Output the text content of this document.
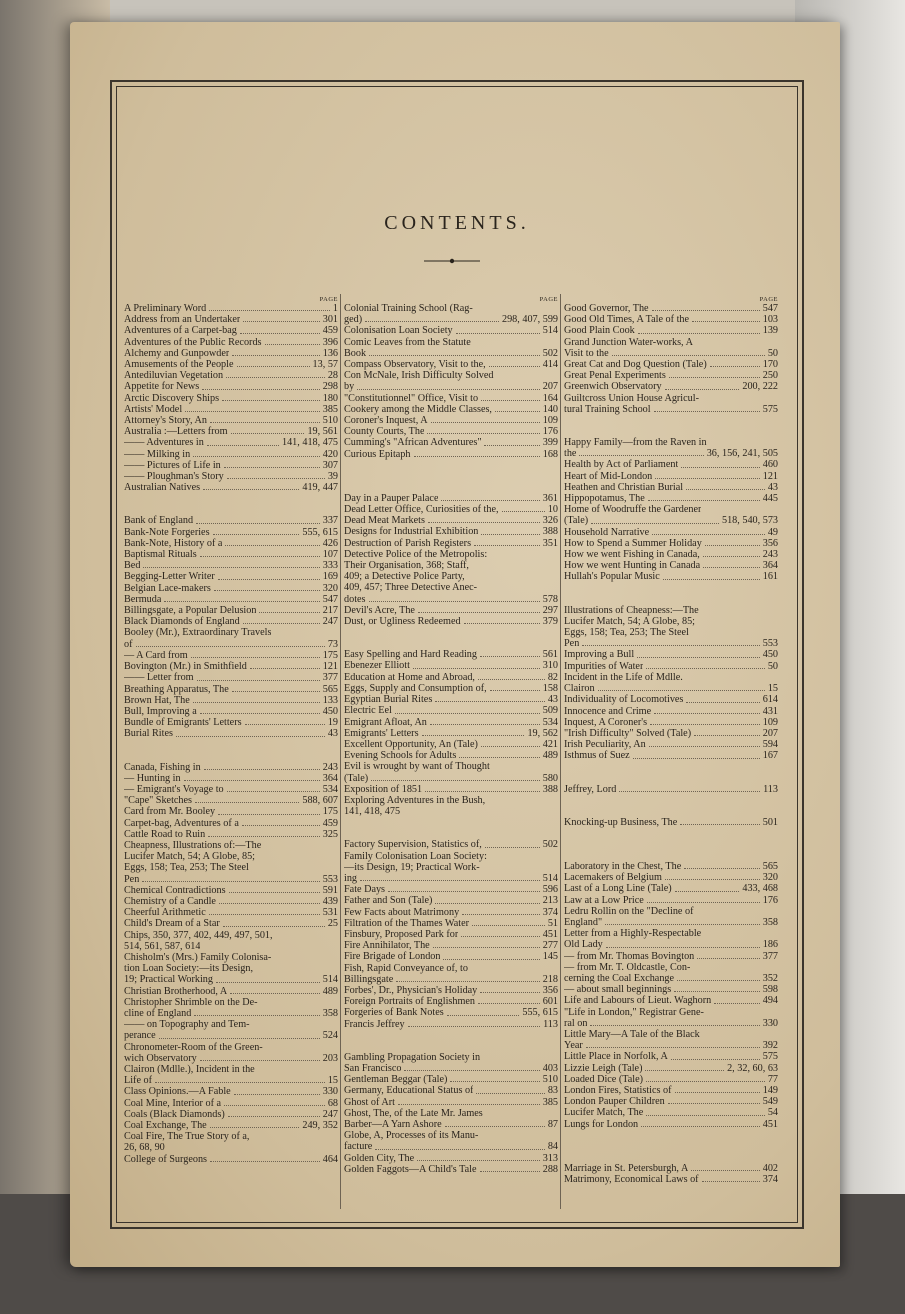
CONTENTS.
PAGE
A Preliminary Word	1
Address from an Undertaker	301
Adventures of a Carpet-bag	459
Adventures of the Public Records	396
Alchemy and Gunpowder	136
Amusements of the People	13, 57
Antediluvian Vegetation	28
Appetite for News	298
Arctic Discovery Ships	180
Artists' Model	385
Attorney's Story, An	510
Australia :—Letters from	19, 561
—— Adventures in	141, 418, 475
—— Milking in	420
—— Pictures of Life in	307
—— Ploughman's Story	39
Australian Natives	419, 447
Bank of England	337
Bank-Note Forgeries	555, 615
Bank-Note, History of a	426
Baptismal Rituals	107
Bed	333
Begging-Letter Writer	169
Belgian Lace-makers	320
Bermuda	547
Billingsgate, a Popular Delusion	217
Black Diamonds of England	247
Booley (Mr.), Extraordinary Travels
of	73
— A Card from	175
Bovington (Mr.) in Smithfield	121
—— Letter from	377
Breathing Apparatus, The	565
Brown Hat, The	133
Bull, Improving a	450
Bundle of Emigrants' Letters	19
Burial Rites	43
Canada, Fishing in	243
— Hunting in	364
— Emigrant's Voyage to	534
"Cape" Sketches	588, 607
Card from Mr. Booley	175
Carpet-bag, Adventures of a	459
Cattle Road to Ruin	325
Cheapness, Illustrations of:—The
Lucifer Match, 54; A Globe, 85;
Eggs, 158; Tea, 253; The Steel
Pen	553
Chemical Contradictions	591
Chemistry of a Candle	439
Cheerful Arithmetic	531
Child's Dream of a Star	25
Chips, 350, 377, 402, 449, 497, 501,
514, 561, 587, 614
Chisholm's (Mrs.) Family Colonisa-
tion Loan Society:—its Design,
19; Practical Working	514
Christian Brotherhood, A	489
Christopher Shrimble on the De-
cline of England	358
—— on Topography and Tem-
perance	524
Chronometer-Room of the Green-
wich Observatory	203
Clairon (Mdlle.), Incident in the
Life of	15
Class Opinions.—A Fable	330
Coal Mine, Interior of a	68
Coals (Black Diamonds)	247
Coal Exchange, The	249, 352
Coal Fire, The True Story of a,
26, 68, 90
College of Surgeons	464
PAGE
Colonial Training School (Rag-
ged)	298, 407, 599
Colonisation Loan Society	514
Comic Leaves from the Statute
Book	502
Compass Observatory, Visit to the,	414
Con McNale, Irish Difficulty Solved
by	207
"Constitutionnel" Office, Visit to	164
Cookery among the Middle Classes,	140
Coroner's Inquest, A	109
County Courts, The	176
Cumming's "African Adventures"	399
Curious Epitaph	168
Day in a Pauper Palace	361
Dead Letter Office, Curiosities of the,	10
Dead Meat Markets	326
Designs for Industrial Exhibition	388
Destruction of Parish Registers	351
Detective Police of the Metropolis:
Their Organisation, 368; Staff,
409; a Detective Police Party,
409, 457; Three Detective Anec-
dotes	578
Devil's Acre, The	297
Dust, or Ugliness Redeemed	379
Easy Spelling and Hard Reading	561
Ebenezer Elliott	310
Education at Home and Abroad,	82
Eggs, Supply and Consumption of,	158
Egyptian Burial Rites	43
Electric Eel	509
Emigrant Afloat, An	534
Emigrants' Letters	19, 562
Excellent Opportunity, An (Tale)	421
Evening Schools for Adults	489
Evil is wrought by want of Thought
(Tale)	580
Exposition of 1851	388
Exploring Adventures in the Bush,
141, 418, 475
Factory Supervision, Statistics of,	502
Family Colonisation Loan Society:
—its Design, 19; Practical Work-
ing	514
Fate Days	596
Father and Son (Tale)	213
Few Facts about Matrimony	374
Filtration of the Thames Water	51
Finsbury, Proposed Park for	451
Fire Annihilator, The	277
Fire Brigade of London	145
Fish, Rapid Conveyance of, to
Billingsgate	218
Forbes', Dr., Physician's Holiday	356
Foreign Portraits of Englishmen	601
Forgeries of Bank Notes	555, 615
Francis Jeffrey	113
Gambling Propagation Society in
San Francisco	403
Gentleman Beggar (Tale)	510
Germany, Educational Status of	83
Ghost of Art	385
Ghost, The, of the Late Mr. James
Barber—A Yarn Ashore	87
Globe, A, Processes of its Manu-
facture	84
Golden City, The	313
Golden Faggots—A Child's Tale	288
PAGE
Good Governor, The	547
Good Old Times, A Tale of the	103
Good Plain Cook	139
Grand Junction Water-works, A
Visit to the	50
Great Cat and Dog Question (Tale)	170
Great Penal Experiments	250
Greenwich Observatory	200, 222
Guiltcross Union House Agricul-
tural Training School	575
Happy Family—from the Raven in
the	36, 156, 241, 505
Health by Act of Parliament	460
Heart of Mid-London	121
Heathen and Christian Burial	43
Hippopotamus, The	445
Home of Woodruffe the Gardener
(Tale)	518, 540, 573
Household Narrative	49
How to Spend a Summer Holiday	356
How we went Fishing in Canada,	243
How we went Hunting in Canada	364
Hullah's Popular Music	161
Illustrations of Cheapness:—The
Lucifer Match, 54; A Globe, 85;
Eggs, 158; Tea, 253; The Steel
Pen	553
Improving a Bull	450
Impurities of Water	50
Incident in the Life of Mdlle.
Clairon	15
Individuality of Locomotives	614
Innocence and Crime	431
Inquest, A Coroner's	109
"Irish Difficulty" Solved (Tale)	207
Irish Peculiarity, An	594
Isthmus of Suez	167
Jeffrey, Lord	113
Knocking-up Business, The	501
Laboratory in the Chest, The	565
Lacemakers of Belgium	320
Last of a Long Line (Tale)	433, 468
Law at a Low Price	176
Ledru Rollin on the "Decline of
England"	358
Letter from a Highly-Respectable
Old Lady	186
— from Mr. Thomas Bovington	377
— from Mr. T. Oldcastle, Con-
cerning the Coal Exchange	352
— about small beginnings	598
Life and Labours of Lieut. Waghorn	494
"Life in London," Registrar Gene-
ral on	330
Little Mary—A Tale of the Black
Year	392
Little Place in Norfolk, A	575
Lizzie Leigh (Tale)	2, 32, 60, 63
Loaded Dice (Tale)	77
London Fires, Statistics of	149
London Pauper Children	549
Lucifer Match, The	54
Lungs for London	451
Marriage in St. Petersburgh, A	402
Matrimony, Economical Laws of	374
